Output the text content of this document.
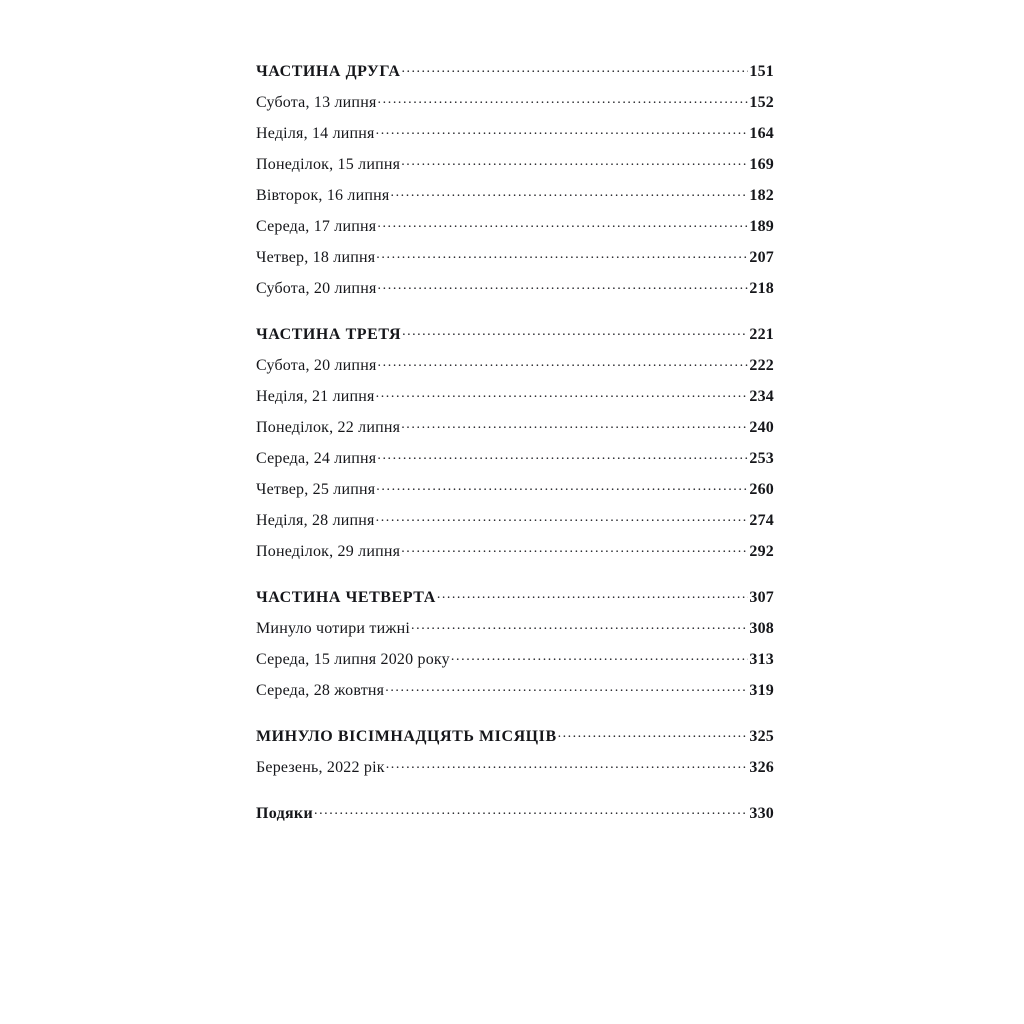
ЧАСТИНА ДРУГА .....	151
Субота, 13 липня .....	152
Неділя, 14 липня .....	164
Понеділок, 15 липня .....	169
Вівторок, 16 липня .....	182
Середа, 17 липня .....	189
Четвер, 18 липня .....	207
Субота, 20 липня .....	218
ЧАСТИНА ТРЕТЯ .....	221
Субота, 20 липня .....	222
Неділя, 21 липня .....	234
Понеділок, 22 липня .....	240
Середа, 24 липня .....	253
Четвер, 25 липня .....	260
Неділя, 28 липня .....	274
Понеділок, 29 липня .....	292
ЧАСТИНА ЧЕТВЕРТА .....	307
Минуло чотири тижні .....	308
Середа, 15 липня 2020 року .....	313
Середа, 28 жовтня .....	319
МИНУЛО ВІСІМНАДЦЯТЬ МІСЯЦІВ .....	325
Березень, 2022 рік .....	326
Подяки .....	330
